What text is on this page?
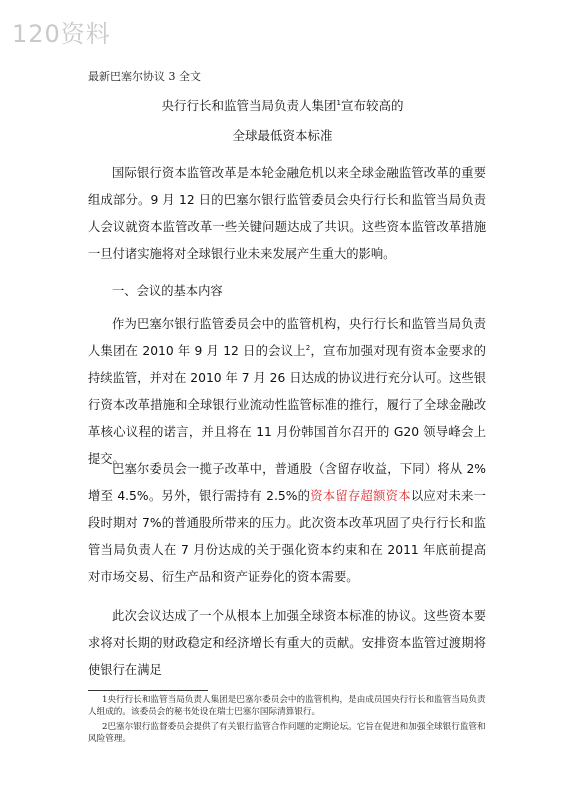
120资料
最新巴塞尔协议 3 全文
央行行长和监管当局负责人集团$^1$宣布较高的
全球最低资本标准
国际银行资本监管改革是本轮金融危机以来全球金融监管改革的重要组成部分。9 月 12 日的巴塞尔银行监管委员会央行行长和监管当局负责人会议就资本监管改革一些关键问题达成了共识。这些资本监管改革措施一旦付诸实施将对全球银行业未来发展产生重大的影响。
一、会议的基本内容
作为巴塞尔银行监管委员会中的监管机构，央行行长和监管当局负责人集团在 2010 年 9 月 12 日的会议上$^2$，宣布加强对现有资本金要求的持续监管，并对在 2010 年 7 月 26 日达成的协议进行充分认可。这些银行资本改革措施和全球银行业流动性监管标准的推行，履行了全球金融改革核心议程的诺言，并且将在 11 月份韩国首尔召开的 G20 领导峰会上提交。
巴塞尔委员会一揽子改革中，普通股（含留存收益，下同）将从 2%增至 4.5%。另外，银行需持有 2.5%的资本留存超额资本以应对未来一段时期对 7%的普通股所带来的压力。此次资本改革巩固了央行行长和监管当局负责人在 7 月份达成的关于强化资本约束和在 2011 年底前提高对市场交易、衍生产品和资产证券化的资本需要。
此次会议达成了一个从根本上加强全球资本标准的协议。这些资本要求将对长期的财政稳定和经济增长有重大的贡献。安排资本监管过渡期将使银行在满足
1央行行长和监管当局负责人集团是巴塞尔委员会中的监管机构，是由成员国央行行长和监管当局负责人组成的。该委员会的秘书处设在瑞士巴塞尔国际清算银行。
2巴塞尔银行监督委员会提供了有关银行监管合作问题的定期论坛。它旨在促进和加强全球银行监管和风险管理。
